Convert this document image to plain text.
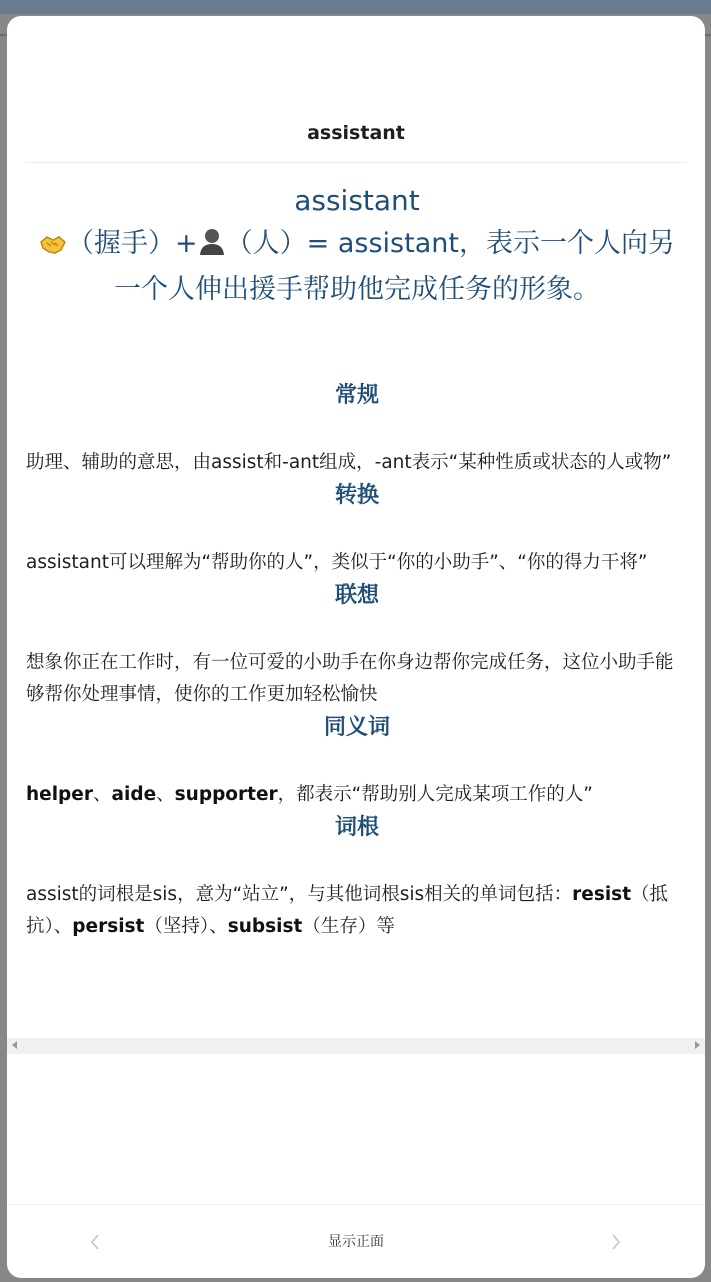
assistant

assistant

（握手）+ （人）= assistant，表示一个人向另一个人伸出援手帮助他完成任务的形象。

常规

助理、辅助的意思，由assist和-ant组成，-ant表示“某种性质或状态的人或物”

转换

assistant可以理解为“帮助你的人”，类似于“你的小助手”、“你的得力干将”

联想

想象你正在工作时，有一位可爱的小助手在你身边帮你完成任务，这位小助手能够帮你处理事情，使你的工作更加轻松愉快

同义词

helper、aide、supporter，都表示“帮助别人完成某项工作的人”

词根

assist的词根是sis，意为“站立”，与其他词根sis相关的单词包括：resist（抵抗）、persist（坚持）、subsist（生存）等

显示正面
